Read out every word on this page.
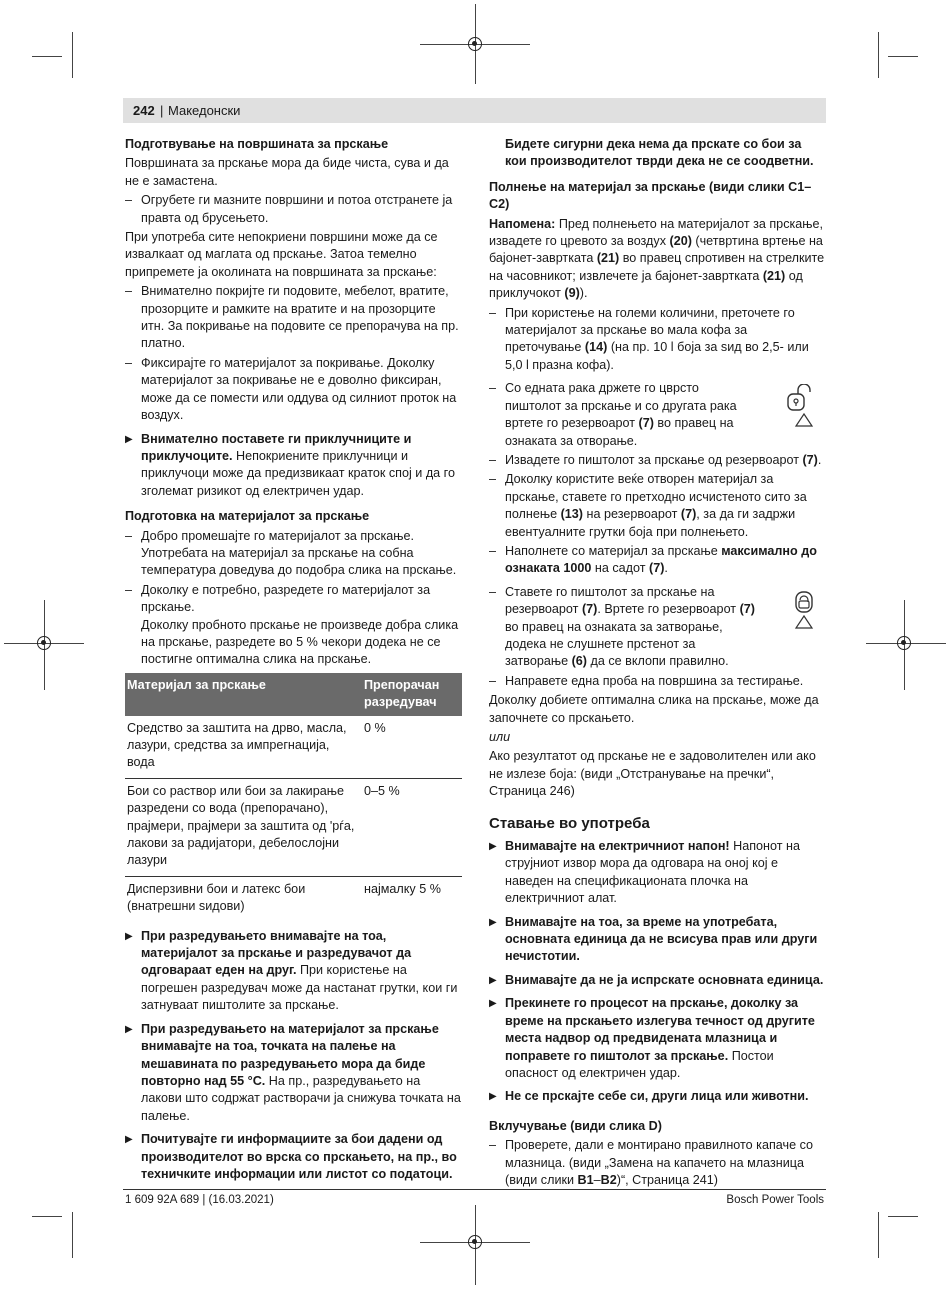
242 | Македонски
Подготвување на површината за прскање

Површината за прскање мора да биде чиста, сува и да не е замастена.

– Огрубете ги мазните површини и потоа отстранете ја правта од брусењето.

При употреба сите непокриени површини може да се извалкаат од маглата од прскање. Затоа темелно припремете ја околината на површината за прскање:

– Внимателно покријте ги подовите, мебелот, вратите, прозорците и рамките на вратите и на прозорците итн. За покривање на подовите се препорачува на пр. платно.
– Фиксирајте го материјалот за покривање. Доколку материјалот за покривање не е доволно фиксиран, може да се помести или оддува од силниот проток на воздух.
▶ Внимателно поставете ги приклучниците и приклучоците. Непокриените приклучници и приклучоци може да предизвикаат краток спој и да го зголемат ризикот од електричен удар.
Подготовка на материјалот за прскање
– Добро промешајте го материјалот за прскање. Употребата на материјал за прскање на собна температура доведува до подобра слика на прскање.
– Доколку е потребно, разредете го материјалот за прскање.
Доколку пробното прскање не произведе добра слика на прскање, разредете во 5 % чекори додека не се постигне оптимална слика на прскање.
Материјал за прскање	Препорачан разредувач
Средство за заштита на дрво, масла, лазури, средства за импрегнација, вода	0 %
Бои со раствор или бои за лакирање разредени со вода (препорачано), прајмери, прајмери за заштита од 'рѓа, лакови за радијатори, дебелослојни лазури	0–5 %
Дисперзивни бои и латекс бои (внатрешни ѕидови)	најмалку 5 %
▶ При разредувањето внимавајте на тоа, материјалот за прскање и разредувачот да одговараат еден на друг. При користење на погрешен разредувач може да настанат грутки, кои ги затнуваат пиштолите за прскање.
▶ При разредувањето на материјалот за прскање внимавајте на тоа, точката на палење на мешавината по разредувањето мора да биде повторно над 55 °C. На пр., разредувањето на лакови што содржат растворачи ја снижува точката на палење.
▶ Почитувајте ги информациите за бои дадени од производителот во врска со прскањето, на пр., во техничките информации или листот со податоци.

Бидете сигурни дека нема да прскате со бои за кои производителот тврди дека не се соодветни.

Полнење на материјал за прскање (види слики C1–C2)

Напомена: Пред полнењето на материјалот за прскање, извадете го цревото за воздух (20) (четвртина вртење на бајонет-завртката (21) во правец спротивен на стрелките на часовникот; извлечете ја бајонет-завртката (21) од приклучокот (9)).

– При користење на големи количини, преточете го материјалот за прскање во мала кофа за преточување (14) (на пр. 10 l боја за ѕид во 2,5- или 5,0 l празна кофа).
– Со едната рака држете го цврсто пиштолот за прскање и со другата рака вртете го резервоарот (7) во правец на ознаката за отворање.
– Извадете го пиштолот за прскање од резервоарот (7).
– Доколку користите веќе отворен материјал за прскање, ставете го претходно исчистеното сито за полнење (13) на резервоарот (7), за да ги задржи евентуалните грутки боја при полнењето.
– Наполнете со материјал за прскање максимално до ознаката 1000 на садот (7).
– Ставете го пиштолот за прскање на резервоарот (7). Вртете го резервоарот (7) во правец на ознаката за затворање, додека не слушнете прстенот за затворање (6) да се вклопи правилно.
– Направете една проба на површина за тестирање.

Доколку добиете оптимална слика на прскање, може да започнете со прскањето.

или

Ако резултатот од прскање не е задоволителен или ако не излезе боја: (види „Отстранување на пречки“, Страница 246)

Ставање во употреба
▶ Внимавајте на електричниот напон! Напонот на струјниот извор мора да одговара на оној кој е наведен на спецификационата плочка на електричниот алат.
▶ Внимавајте на тоа, за време на употребата, основната единица да не всисува прав или други нечистотии.
▶ Внимавајте да не ја испрскате основната единица.
▶ Прекинете го процесот на прскање, доколку за време на прскањето излегува течност од другите места надвор од предвидената млазница и поправете го пиштолот за прскање. Постои опасност од електричен удар.
▶ Не се прскајте себе си, други лица или животни.
Вклучување (види слика D)
– Проверете, дали е монтирано правилното капаче со млазница. (види „Замена на капачето на млазница (види слики B1–B2)“, Страница 241)
1 609 92A 689 | (16.03.2021)	Bosch Power Tools
